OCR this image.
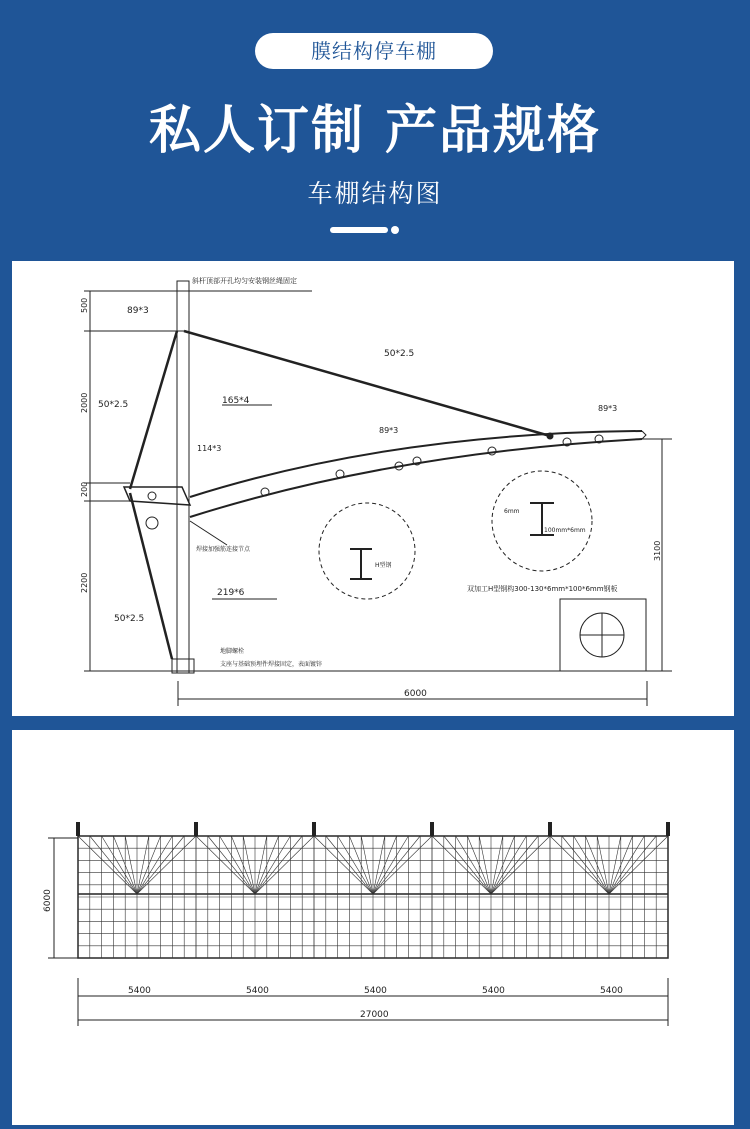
膜结构停车棚
私人订制 产品规格
车棚结构图
斜杆顶部开孔均匀安装钢丝绳固定
500
2000
200
2200
3100
6000
89*3
50*2.5
50*2.5	165*4
114*3
219*6
50*2.5
89*3
89*3
焊接加强筋连接节点
地脚螺栓
支座与基础预埋件焊接固定，表面镀锌
双加工H型钢构300-130*6mm*100*6mm钢板
H型钢
6mm
100mm*6mm
6000
5400	5400	5400	5400	5400
27000
